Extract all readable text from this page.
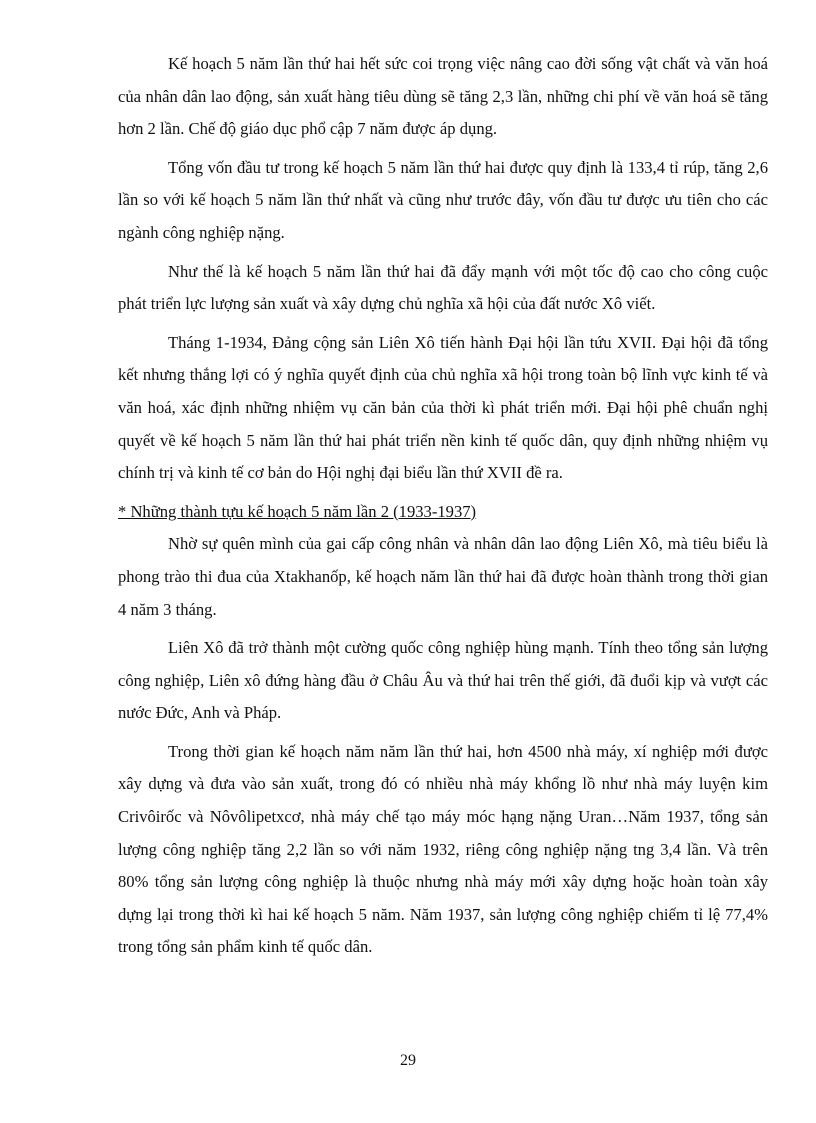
Kế hoạch 5 năm lần thứ hai hết sức coi trọng việc nâng cao đời sống vật chất và văn hoá của nhân dân lao động, sản xuất hàng tiêu dùng sẽ tăng 2,3 lần, những chi phí về văn hoá sẽ tăng hơn 2 lần. Chế độ giáo dục phổ cập 7 năm được áp dụng.

Tổng vốn đầu tư trong kế hoạch 5 năm lần thứ hai được quy định là 133,4 tỉ rúp, tăng 2,6 lần so với kế hoạch 5 năm lần thứ nhất và cũng như trước đây, vốn đầu tư được ưu tiên cho các ngành công nghiệp nặng.

Như thế là kế hoạch 5 năm lần thứ hai đã đẩy mạnh với một tốc độ cao cho công cuộc phát triển lực lượng sản xuất và xây dựng chủ nghĩa xã hội của đất nước Xô viết.

Tháng 1-1934, Đảng cộng sản Liên Xô tiến hành Đại hội lần tứu XVII. Đại hội đã tổng kết nhưng thắng lợi có ý nghĩa quyết định của chủ nghĩa xã hội trong toàn bộ lĩnh vực kinh tế và văn hoá, xác định những nhiệm vụ căn bản của thời kì phát triển mới. Đại hội phê chuẩn nghị quyết về kế hoạch 5 năm lần thứ hai phát triển nền kinh tế quốc dân, quy định những nhiệm vụ chính trị và kinh tế cơ bản do Hội nghị đại biểu lần thứ XVII đề ra.

* Những thành tựu kế hoạch 5 năm lần 2 (1933-1937)

Nhờ sự quên mình của gai cấp công nhân và nhân dân lao động Liên Xô, mà tiêu biểu là phong trào thi đua của Xtakhanốp, kế hoạch năm lần thứ hai đã được hoàn thành trong thời gian 4 năm 3 tháng.

Liên Xô đã trở thành một cường quốc công nghiệp hùng mạnh. Tính theo tổng sản lượng công nghiệp, Liên xô đứng hàng đầu ở Châu Âu và thứ hai trên thế giới, đã đuổi kịp và vượt các nước Đức, Anh và Pháp.

Trong thời gian kế hoạch năm năm lần thứ hai, hơn 4500 nhà máy, xí nghiệp mới được xây dựng và đưa vào sản xuất, trong đó có nhiều nhà máy khổng lồ như nhà máy luyện kim Crivôirốc và Nôvôlipetxcơ, nhà máy chế tạo máy móc hạng nặng Uran…Năm 1937, tổng sản lượng công nghiệp tăng 2,2 lần so với năm 1932, riêng công nghiệp nặng tng 3,4 lần. Và trên 80% tổng sản lượng công nghiệp là thuộc nhưng nhà máy mới xây dựng hoặc hoàn toàn xây dựng lại trong thời kì hai kế hoạch 5 năm. Năm 1937, sản lượng công nghiệp chiếm tỉ lệ 77,4% trong tổng sản phẩm kinh tế quốc dân.

29
